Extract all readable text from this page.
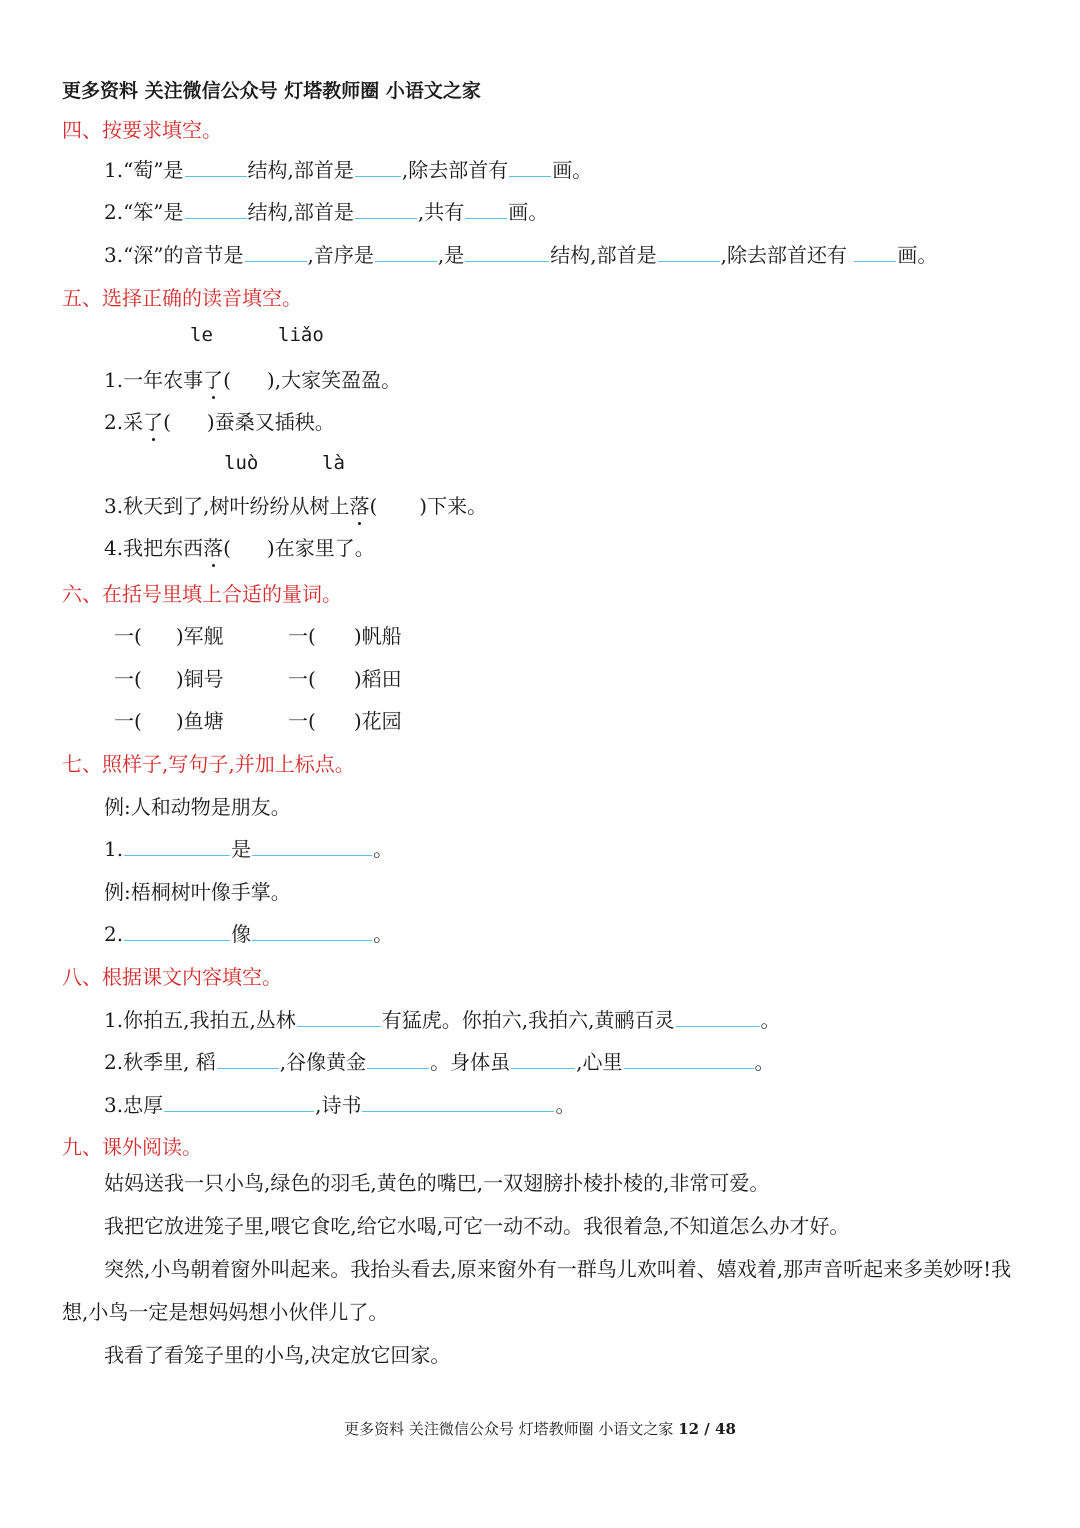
更多资料 关注微信公众号 灯塔教师圈 小语文之家
四、按要求填空。
1.“萄”是	结构,部首是 ,除去部首有 画。
2.“笨”是	结构,部首是	,共有 画。
3.“深”的音节是	,音序是	,是	结构,部首是	,除去部首还有	画。
五、选择正确的读音填空。
le	liǎo
1.一年农事了( ),大家笑盈盈。
2.采了( )蚕桑又插秧。
luò	là
3.秋天到了,树叶纷纷从树上落( )下来。
4.我把东西落( )在家里了。
六、在括号里填上合适的量词。
一( )军舰	一( )帆船
一( )铜号	一( )稻田
一( )鱼塘	一( )花园
七、照样子,写句子,并加上标点。
例:人和动物是朋友。
1.	是	。
例:梧桐树叶像手掌。
2.	像	。
八、根据课文内容填空。
1.你拍五,我拍五,丛林	有猛虎。你拍六,我拍六,黄鹂百灵	。
2.秋季里, 稻	,谷像黄金	。身体虽	,心里	。
3.忠厚	,诗书	。
九、课外阅读。
姑妈送我一只小鸟,绿色的羽毛,黄色的嘴巴,一双翅膀扑棱扑棱的,非常可爱。
我把它放进笼子里,喂它食吃,给它水喝,可它一动不动。我很着急,不知道怎么办才好。
突然,小鸟朝着窗外叫起来。我抬头看去,原来窗外有一群鸟儿欢叫着、嬉戏着,那声音听起来多美妙呀!我想,小鸟一定是想妈妈想小伙伴儿了。
我看了看笼子里的小鸟,决定放它回家。
更多资料 关注微信公众号 灯塔教师圈 小语文之家 12 / 48
